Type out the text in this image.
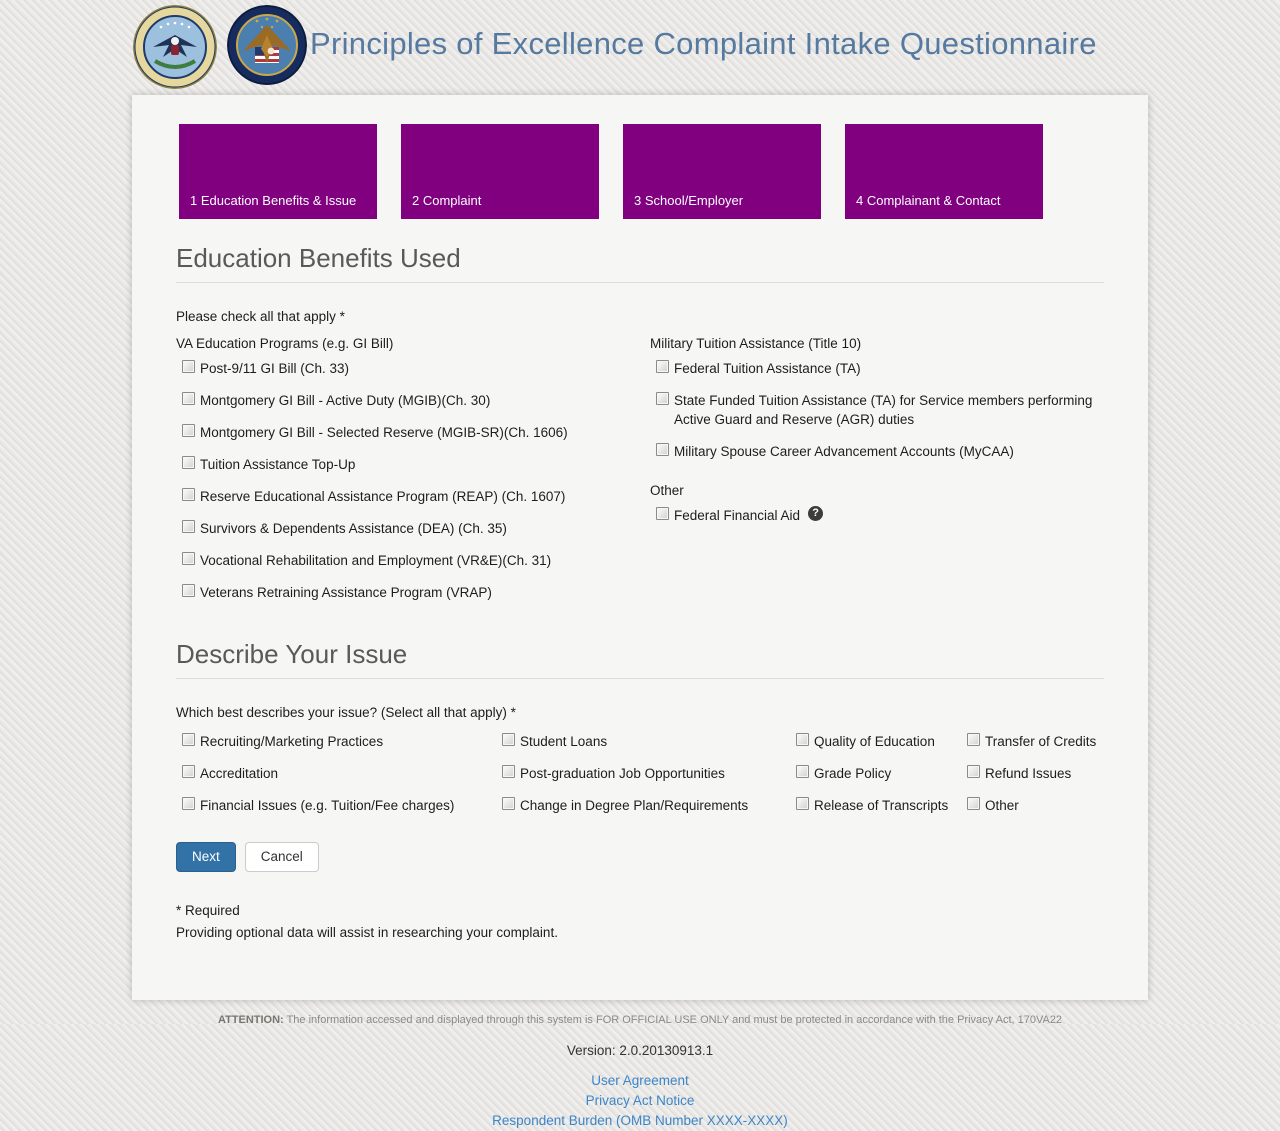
Principles of Excellence Complaint Intake Questionnaire
1 Education Benefits & Issue	2 Complaint	3 School/Employer	4 Complainant & Contact
Education Benefits Used
Please check all that apply *
VA Education Programs (e.g. GI Bill)
Post-9/11 GI Bill (Ch. 33)
Montgomery GI Bill - Active Duty (MGIB)(Ch. 30)
Montgomery GI Bill - Selected Reserve (MGIB-SR)(Ch. 1606)
Tuition Assistance Top-Up
Reserve Educational Assistance Program (REAP) (Ch. 1607)
Survivors & Dependents Assistance (DEA) (Ch. 35)
Vocational Rehabilitation and Employment (VR&E)(Ch. 31)
Veterans Retraining Assistance Program (VRAP)
Military Tuition Assistance (Title 10)
Federal Tuition Assistance (TA)
State Funded Tuition Assistance (TA) for Service members performing Active Guard and Reserve (AGR) duties
Military Spouse Career Advancement Accounts (MyCAA)
Other
Federal Financial Aid	?
Describe Your Issue
Which best describes your issue? (Select all that apply) *
Recruiting/Marketing Practices
Accreditation
Financial Issues (e.g. Tuition/Fee charges)
Student Loans
Post-graduation Job Opportunities
Change in Degree Plan/Requirements
Quality of Education
Grade Policy
Release of Transcripts
Transfer of Credits
Refund Issues
Other
Next	Cancel
* Required
Providing optional data will assist in researching your complaint.
ATTENTION: The information accessed and displayed through this system is FOR OFFICIAL USE ONLY and must be protected in accordance with the Privacy Act, 170VA22
Version: 2.0.20130913.1
User Agreement
Privacy Act Notice
Respondent Burden (OMB Number XXXX-XXXX)
